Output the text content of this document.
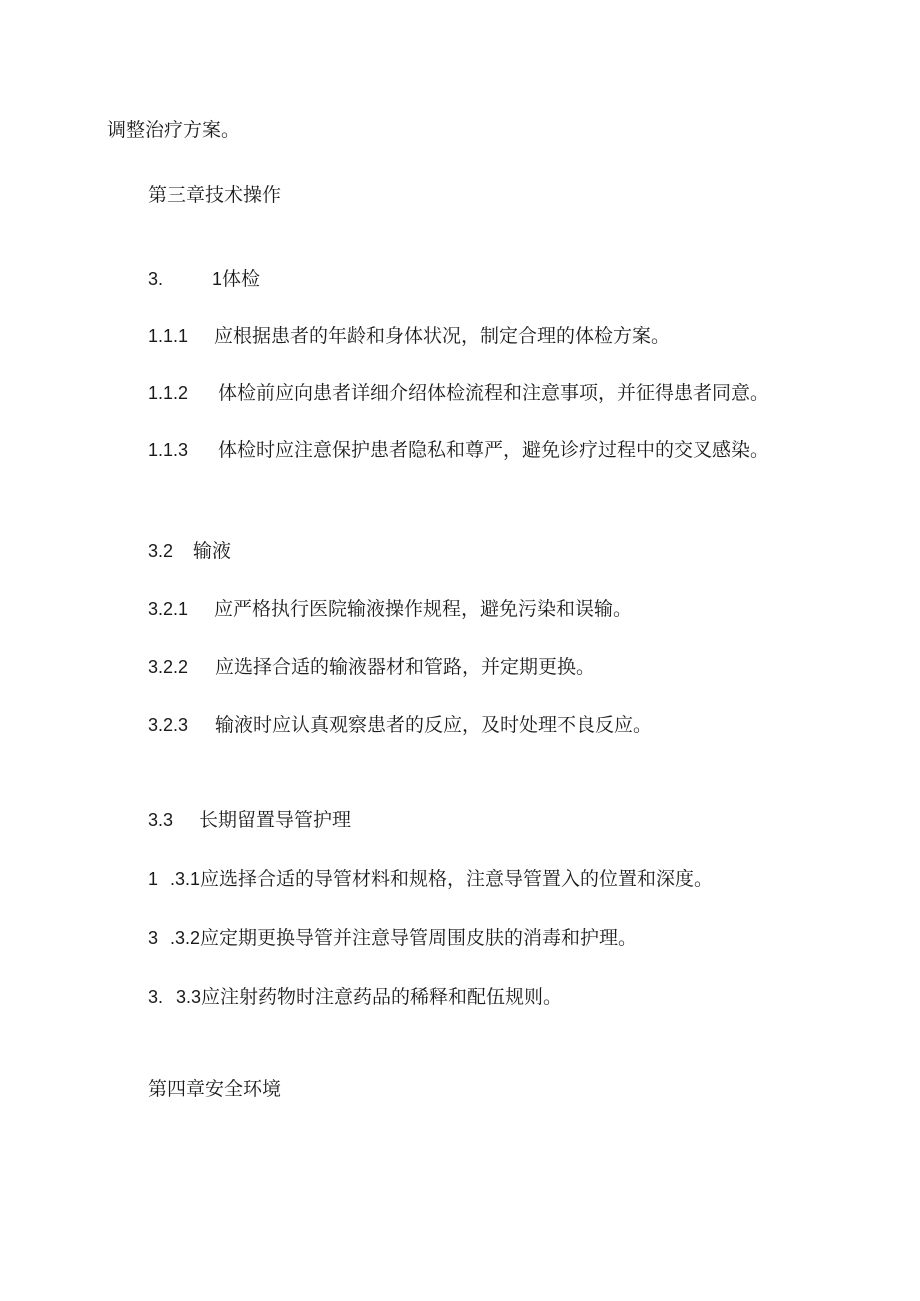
调整治疗方案。
第三章技术操作
3.	1体检
1.1.1 应根据患者的年龄和身体状况，制定合理的体检方案。
1.1.2 体检前应向患者详细介绍体检流程和注意事项，并征得患者同意。
1.1.3 体检时应注意保护患者隐私和尊严，避免诊疗过程中的交叉感染。
3.2 输液
3.2.1 应严格执行医院输液操作规程，避免污染和误输。
3.2.2 应选择合适的输液器材和管路，并定期更换。
3.2.3 输液时应认真观察患者的反应，及时处理不良反应。
3.3 长期留置导管护理
1 .3.1应选择合适的导管材料和规格，注意导管置入的位置和深度。
3 .3.2应定期更换导管并注意导管周围皮肤的消毒和护理。
3. 3.3应注射药物时注意药品的稀释和配伍规则。
第四章安全环境
